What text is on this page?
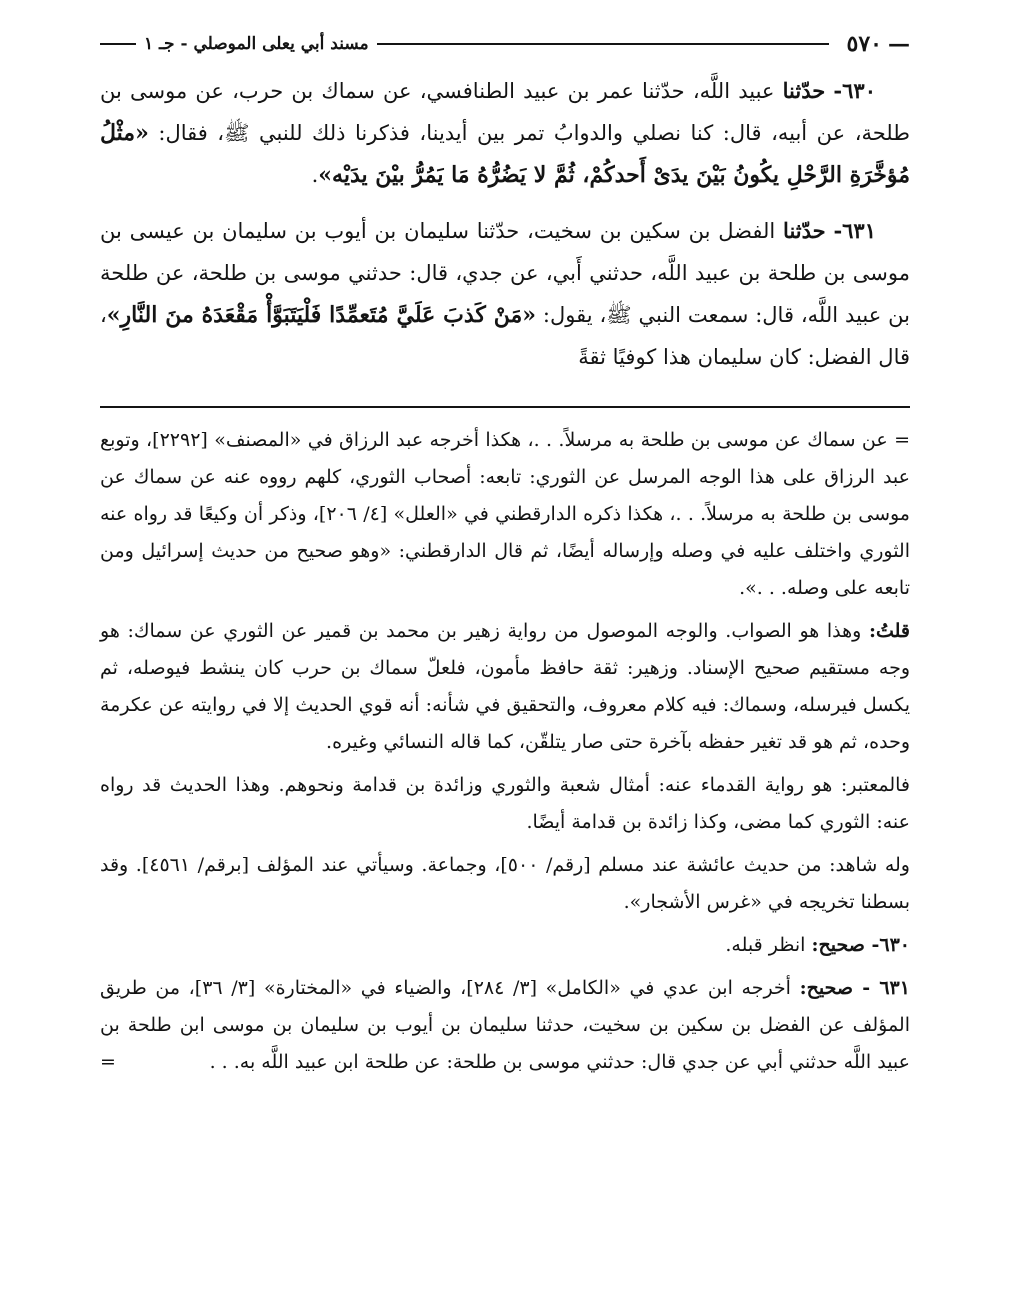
—
٥٧٠
مسند أبي يعلى الموصلي - جـ ١

٦٣٠- حدّثنا عبيد اللَّه، حدّثنا عمر بن عبيد الطنافسي، عن سماك بن حرب، عن موسى بن طلحة، عن أبيه، قال: كنا نصلي والدوابُ تمر بين أيدينا، فذكرنا ذلك للنبي ﷺ، فقال: «مثْلُ مُؤخَّرَةِ الرَّحْلِ يكُونُ بَيْنَ يدَىْ أَحدكُمْ، ثُمَّ لا يَضُرُّهُ مَا يَمُرُّ بيْنَ يدَيْه».

٦٣١- حدّثنا الفضل بن سكين بن سخيت، حدّثنا سليمان بن أيوب بن سليمان بن عيسى بن موسى بن طلحة بن عبيد اللَّه، حدثني أَبي، عن جدي، قال: حدثني موسى بن طلحة، عن طلحة بن عبيد اللَّه، قال: سمعت النبي ﷺ، يقول: «مَنْ كَذبَ عَلَيَّ مُتَعمِّدًا فَلْيَتَبَوَّأْ مَقْعَدَهُ منَ النَّارِ»، قال الفضل: كان سليمان هذا كوفيًا ثقةً

= عن سماك عن موسى بن طلحة به مرسلاً. . .، هكذا أخرجه عبد الرزاق في «المصنف» [٢٢٩٢]، وتوبع عبد الرزاق على هذا الوجه المرسل عن الثوري: تابعه: أصحاب الثوري، كلهم رووه عنه عن سماك عن موسى بن طلحة به مرسلاً. . .، هكذا ذكره الدارقطني في «العلل» [٤/ ٢٠٦]، وذكر أن وكيعًا قد رواه عنه الثوري واختلف عليه في وصله وإرساله أيضًا، ثم قال الدارقطني: «وهو صحيح من حديث إسرائيل ومن تابعه على وصله. . .».

قلتُ: وهذا هو الصواب. والوجه الموصول من رواية زهير بن محمد بن قمير عن الثوري عن سماك: هو وجه مستقيم صحيح الإسناد. وزهير: ثقة حافظ مأمون، فلعلّ سماك بن حرب كان ينشط فيوصله، ثم يكسل فيرسله، وسماك: فيه كلام معروف، والتحقيق في شأنه: أنه قوي الحديث إلا في روايته عن عكرمة وحده، ثم هو قد تغير حفظه بآخرة حتى صار يتلقّن، كما قاله النسائي وغيره.

فالمعتبر: هو رواية القدماء عنه: أمثال شعبة والثوري وزائدة بن قدامة ونحوهم. وهذا الحديث قد رواه عنه: الثوري كما مضى، وكذا زائدة بن قدامة أيضًا.

وله شاهد: من حديث عائشة عند مسلم [رقم/ ٥٠٠]، وجماعة. وسيأتي عند المؤلف [برقم/ ٤٥٦١]. وقد بسطنا تخريجه في «غرس الأشجار».

٦٣٠- صحيح: انظر قبله.

٦٣١ - صحيح: أخرجه ابن عدي في «الكامل» [٣/ ٢٨٤]، والضياء في «المختارة» [٣/ ٣٦]، من طريق المؤلف عن الفضل بن سكين بن سخيت، حدثنا سليمان بن أيوب بن سليمان بن موسى ابن طلحة بن عبيد اللَّه حدثني أبي عن جدي قال: حدثني موسى بن طلحة: عن طلحة ابن عبيد اللَّه به. . .
=
